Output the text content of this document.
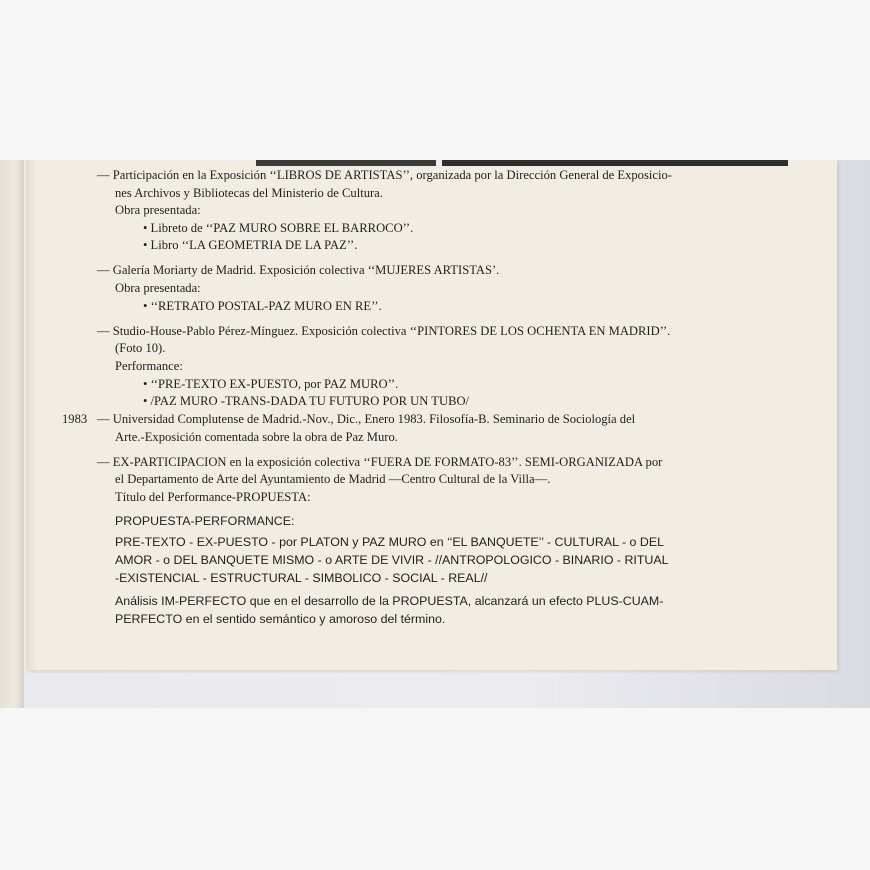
1983
— Participación en la Exposición ‘‘LIBROS DE ARTISTAS’’, organizada por la Dirección General de Exposicio-
nes Archivos y Bibliotecas del Ministerio de Cultura.
Obra presentada:
• Libreto de ‘‘PAZ MURO SOBRE EL BARROCO’’.
• Libro ‘‘LA GEOMETRIA DE LA PAZ’’.
— Galería Moriarty de Madrid. Exposición colectiva ‘‘MUJERES ARTISTAS’.
Obra presentada:
• ‘‘RETRATO POSTAL-PAZ MURO EN RE’’.
— Studio-House-Pablo Pérez-Mínguez. Exposición colectiva ‘‘PINTORES DE LOS OCHENTA EN MADRID’’.
(Foto 10).
Performance:
• ‘‘PRE-TEXTO EX-PUESTO, por PAZ MURO’’.
• /PAZ MURO -TRANS-DADA TU FUTURO POR UN TUBO/
— Universidad Complutense de Madrid.-Nov., Dic., Enero 1983. Filosofía-B. Seminario de Sociología del
Arte.-Exposición comentada sobre la obra de Paz Muro.
— EX-PARTICIPACION en la exposición colectiva ‘‘FUERA DE FORMATO-83’’. SEMI-ORGANIZADA por
el Departamento de Arte del Ayuntamiento de Madrid —Centro Cultural de la Villa—.
Título del Performance-PROPUESTA:
PROPUESTA-PERFORMANCE:
PRE-TEXTO - EX-PUESTO - por PLATON y PAZ MURO en ‘‘EL BANQUETE’’ - CULTURAL - o DEL
AMOR - o DEL BANQUETE MISMO - o ARTE DE VIVIR - //ANTROPOLOGICO - BINARIO - RITUAL
-EXISTENCIAL - ESTRUCTURAL - SIMBOLICO - SOCIAL - REAL//
Análisis IM-PERFECTO que en el desarrollo de la PROPUESTA, alcanzará un efecto PLUS-CUAM-
PERFECTO en el sentido semántico y amoroso del término.
